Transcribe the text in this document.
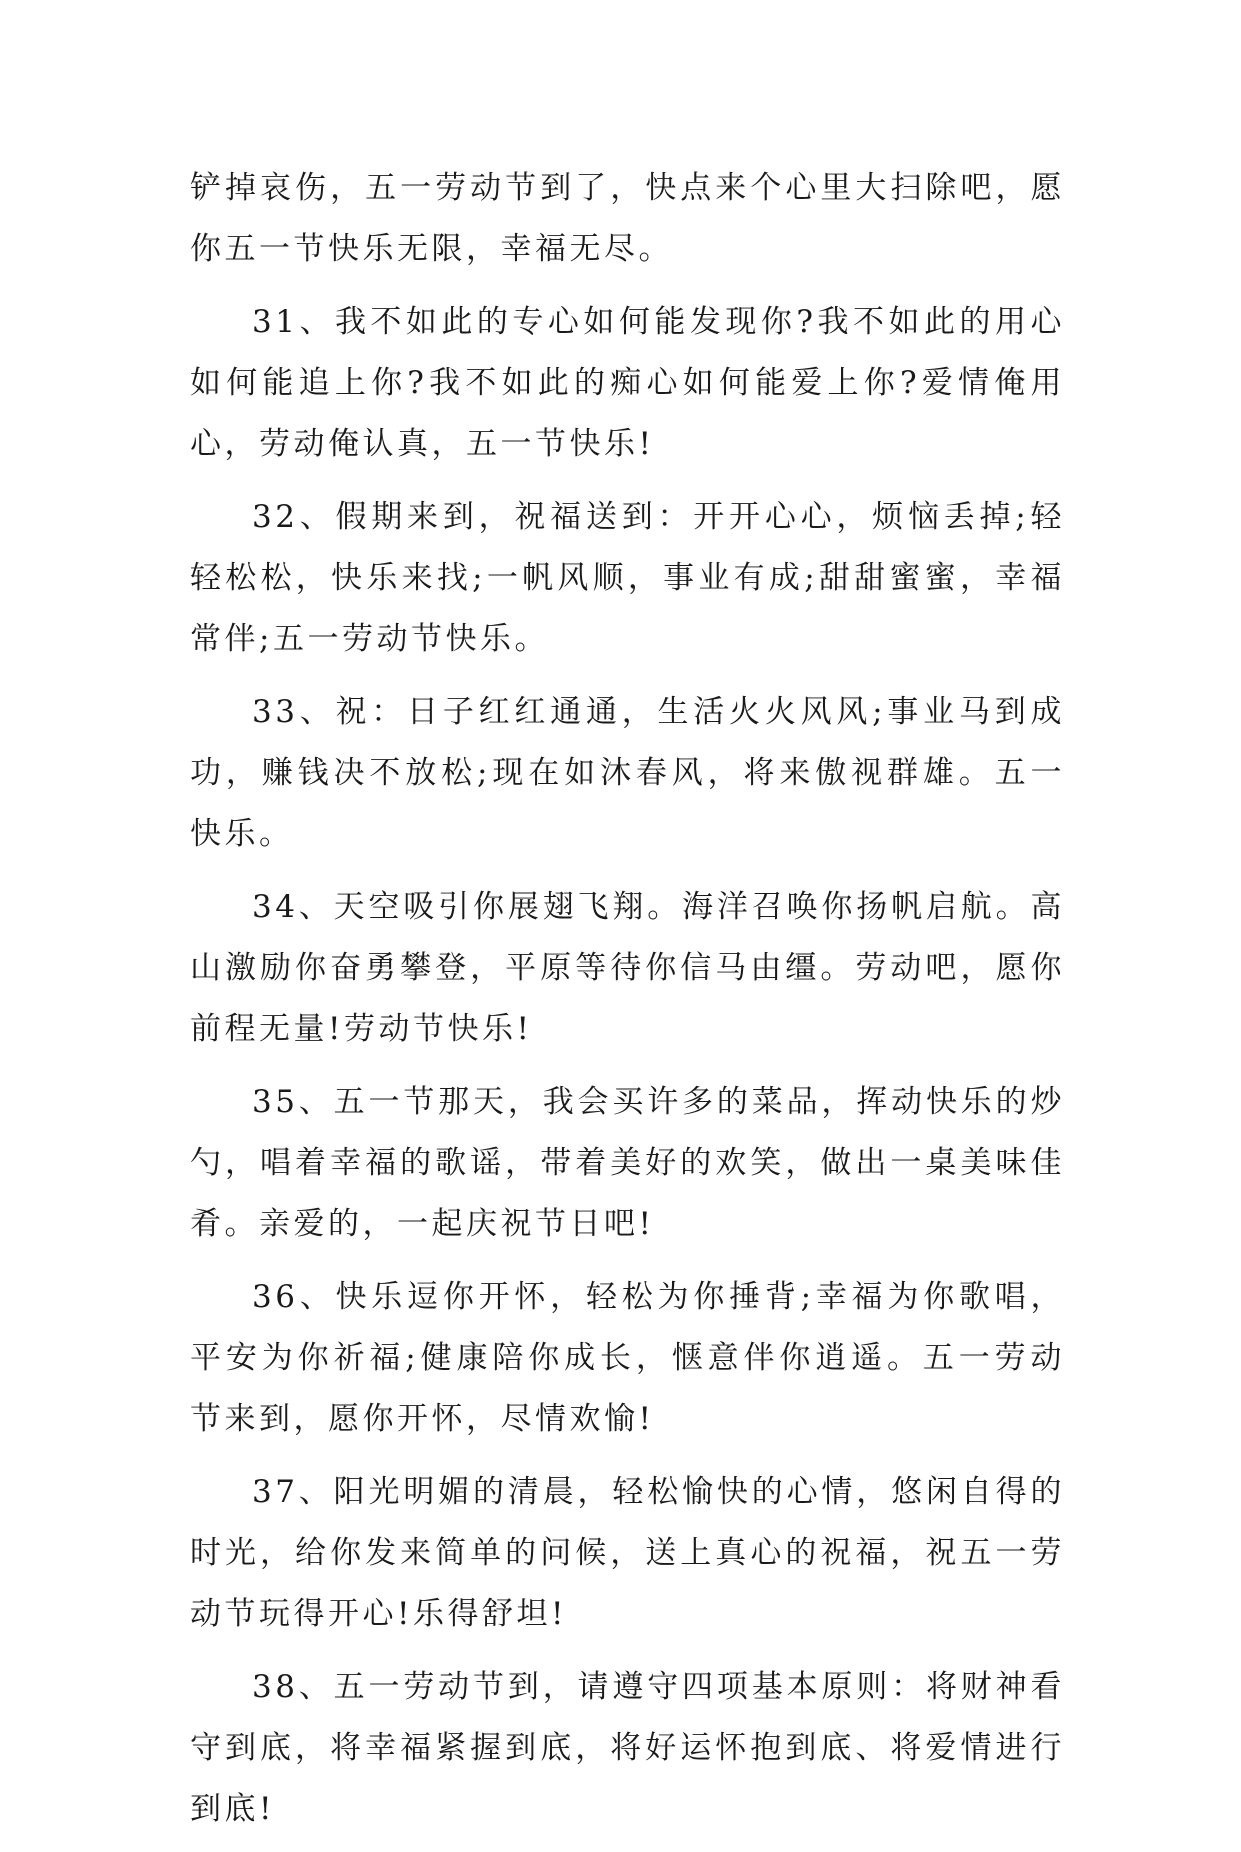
铲掉哀伤，五一劳动节到了，快点来个心里大扫除吧，愿你五一节快乐无限，幸福无尽。

31、我不如此的专心如何能发现你?我不如此的用心如何能追上你?我不如此的痴心如何能爱上你?爱情俺用心，劳动俺认真，五一节快乐!

32、假期来到，祝福送到：开开心心，烦恼丢掉;轻轻松松，快乐来找;一帆风顺，事业有成;甜甜蜜蜜，幸福常伴;五一劳动节快乐。

33、祝：日子红红通通，生活火火风风;事业马到成功，赚钱决不放松;现在如沐春风，将来傲视群雄。五一快乐。

34、天空吸引你展翅飞翔。海洋召唤你扬帆启航。高山激励你奋勇攀登，平原等待你信马由缰。劳动吧，愿你前程无量!劳动节快乐!

35、五一节那天，我会买许多的菜品，挥动快乐的炒勺，唱着幸福的歌谣，带着美好的欢笑，做出一桌美味佳肴。亲爱的，一起庆祝节日吧!

36、快乐逗你开怀，轻松为你捶背;幸福为你歌唱，平安为你祈福;健康陪你成长，惬意伴你逍遥。五一劳动节来到，愿你开怀，尽情欢愉!

37、阳光明媚的清晨，轻松愉快的心情，悠闲自得的时光，给你发来简单的问候，送上真心的祝福，祝五一劳动节玩得开心!乐得舒坦!

38、五一劳动节到，请遵守四项基本原则：将财神看守到底，将幸福紧握到底，将好运怀抱到底、将爱情进行到底!
